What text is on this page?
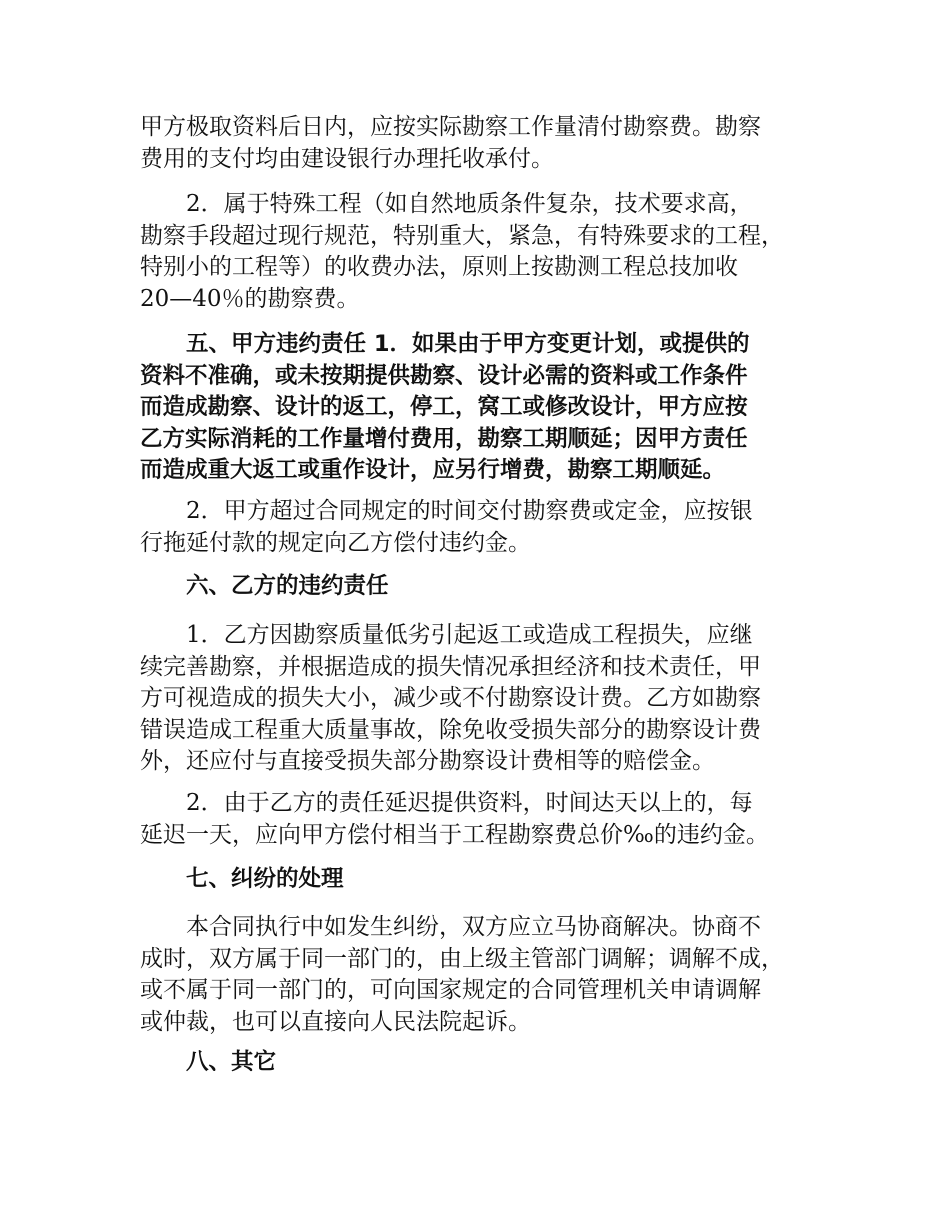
甲方极取资料后日内，应按实际勘察工作量清付勘察费。勘察
费用的支付均由建设银行办理托收承付。
2．属于特殊工程（如自然地质条件复杂，技术要求高，
勘察手段超过现行规范，特别重大，紧急，有特殊要求的工程，
特别小的工程等）的收费办法，原则上按勘测工程总技加收
20—40％的勘察费。
五、甲方违约责任 1．如果由于甲方变更计划，或提供的
资料不准确，或未按期提供勘察、设计必需的资料或工作条件
而造成勘察、设计的返工，停工，窝工或修改设计，甲方应按
乙方实际消耗的工作量增付费用，勘察工期顺延；因甲方责任
而造成重大返工或重作设计，应另行增费，勘察工期顺延。
2．甲方超过合同规定的时间交付勘察费或定金，应按银
行拖延付款的规定向乙方偿付违约金。
六、乙方的违约责任
1．乙方因勘察质量低劣引起返工或造成工程损失，应继
续完善勘察，并根据造成的损失情况承担经济和技术责任，甲
方可视造成的损失大小，减少或不付勘察设计费。乙方如勘察
错误造成工程重大质量事故，除免收受损失部分的勘察设计费
外，还应付与直接受损失部分勘察设计费相等的赔偿金。
2．由于乙方的责任延迟提供资料，时间达天以上的，每
延迟一天，应向甲方偿付相当于工程勘察费总价‰的违约金。
七、纠纷的处理
本合同执行中如发生纠纷，双方应立马协商解决。协商不
成时，双方属于同一部门的，由上级主管部门调解；调解不成，
或不属于同一部门的，可向国家规定的合同管理机关申请调解
或仲裁，也可以直接向人民法院起诉。
八、其它
